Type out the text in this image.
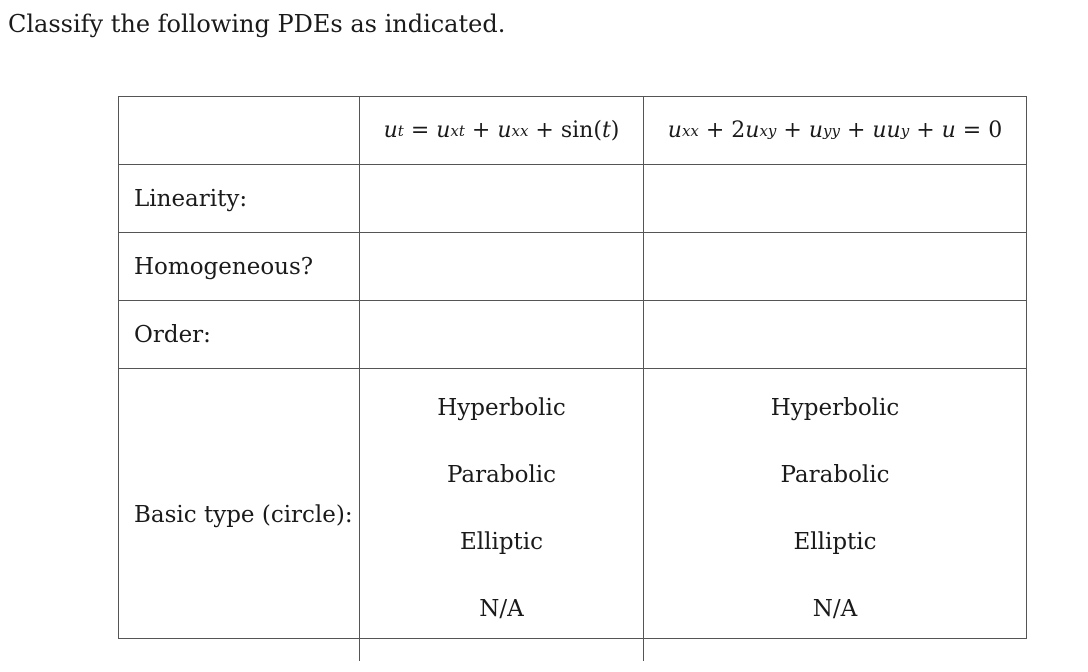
Classify the following PDEs as indicated.
u t = u xt + u xx + sin( t ) u xx + 2 u xy + u yy + uu y + u = 0
Linearity:
Homogeneous?
Order:
Basic type (circle):
Hyperbolic
Parabolic
Elliptic
N/A
Hyperbolic
Parabolic
Elliptic
N/A
